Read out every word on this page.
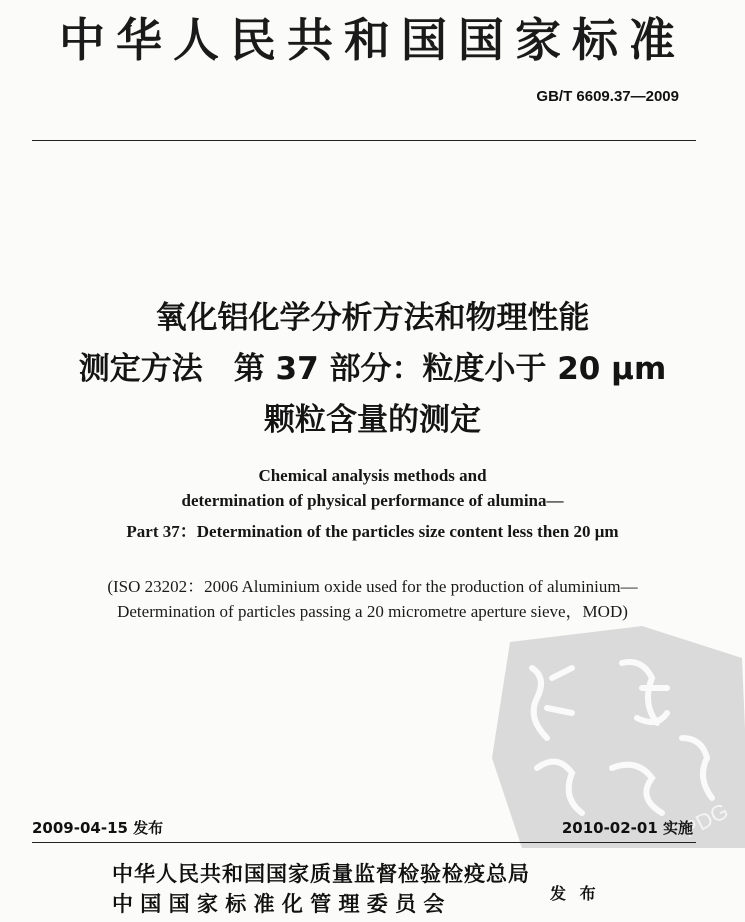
中华人民共和国国家标准
GB/T 6609.37—2009
氧化铝化学分析方法和物理性能
测定方法　第 37 部分：粒度小于 20 μm
颗粒含量的测定
Chemical analysis methods and
determination of physical performance of alumina—
Part 37：Determination of the particles size content less then 20 μm
(ISO 23202：2006 Aluminium oxide used for the production of aluminium—
Determination of particles passing a 20 micrometre aperture sieve，MOD)
PDG
2009-04-15 发布	2010-02-01 实施
中华人民共和国国家质量监督检验检疫总局
中 国 国 家 标 准 化 管 理 委 员 会	发 布
